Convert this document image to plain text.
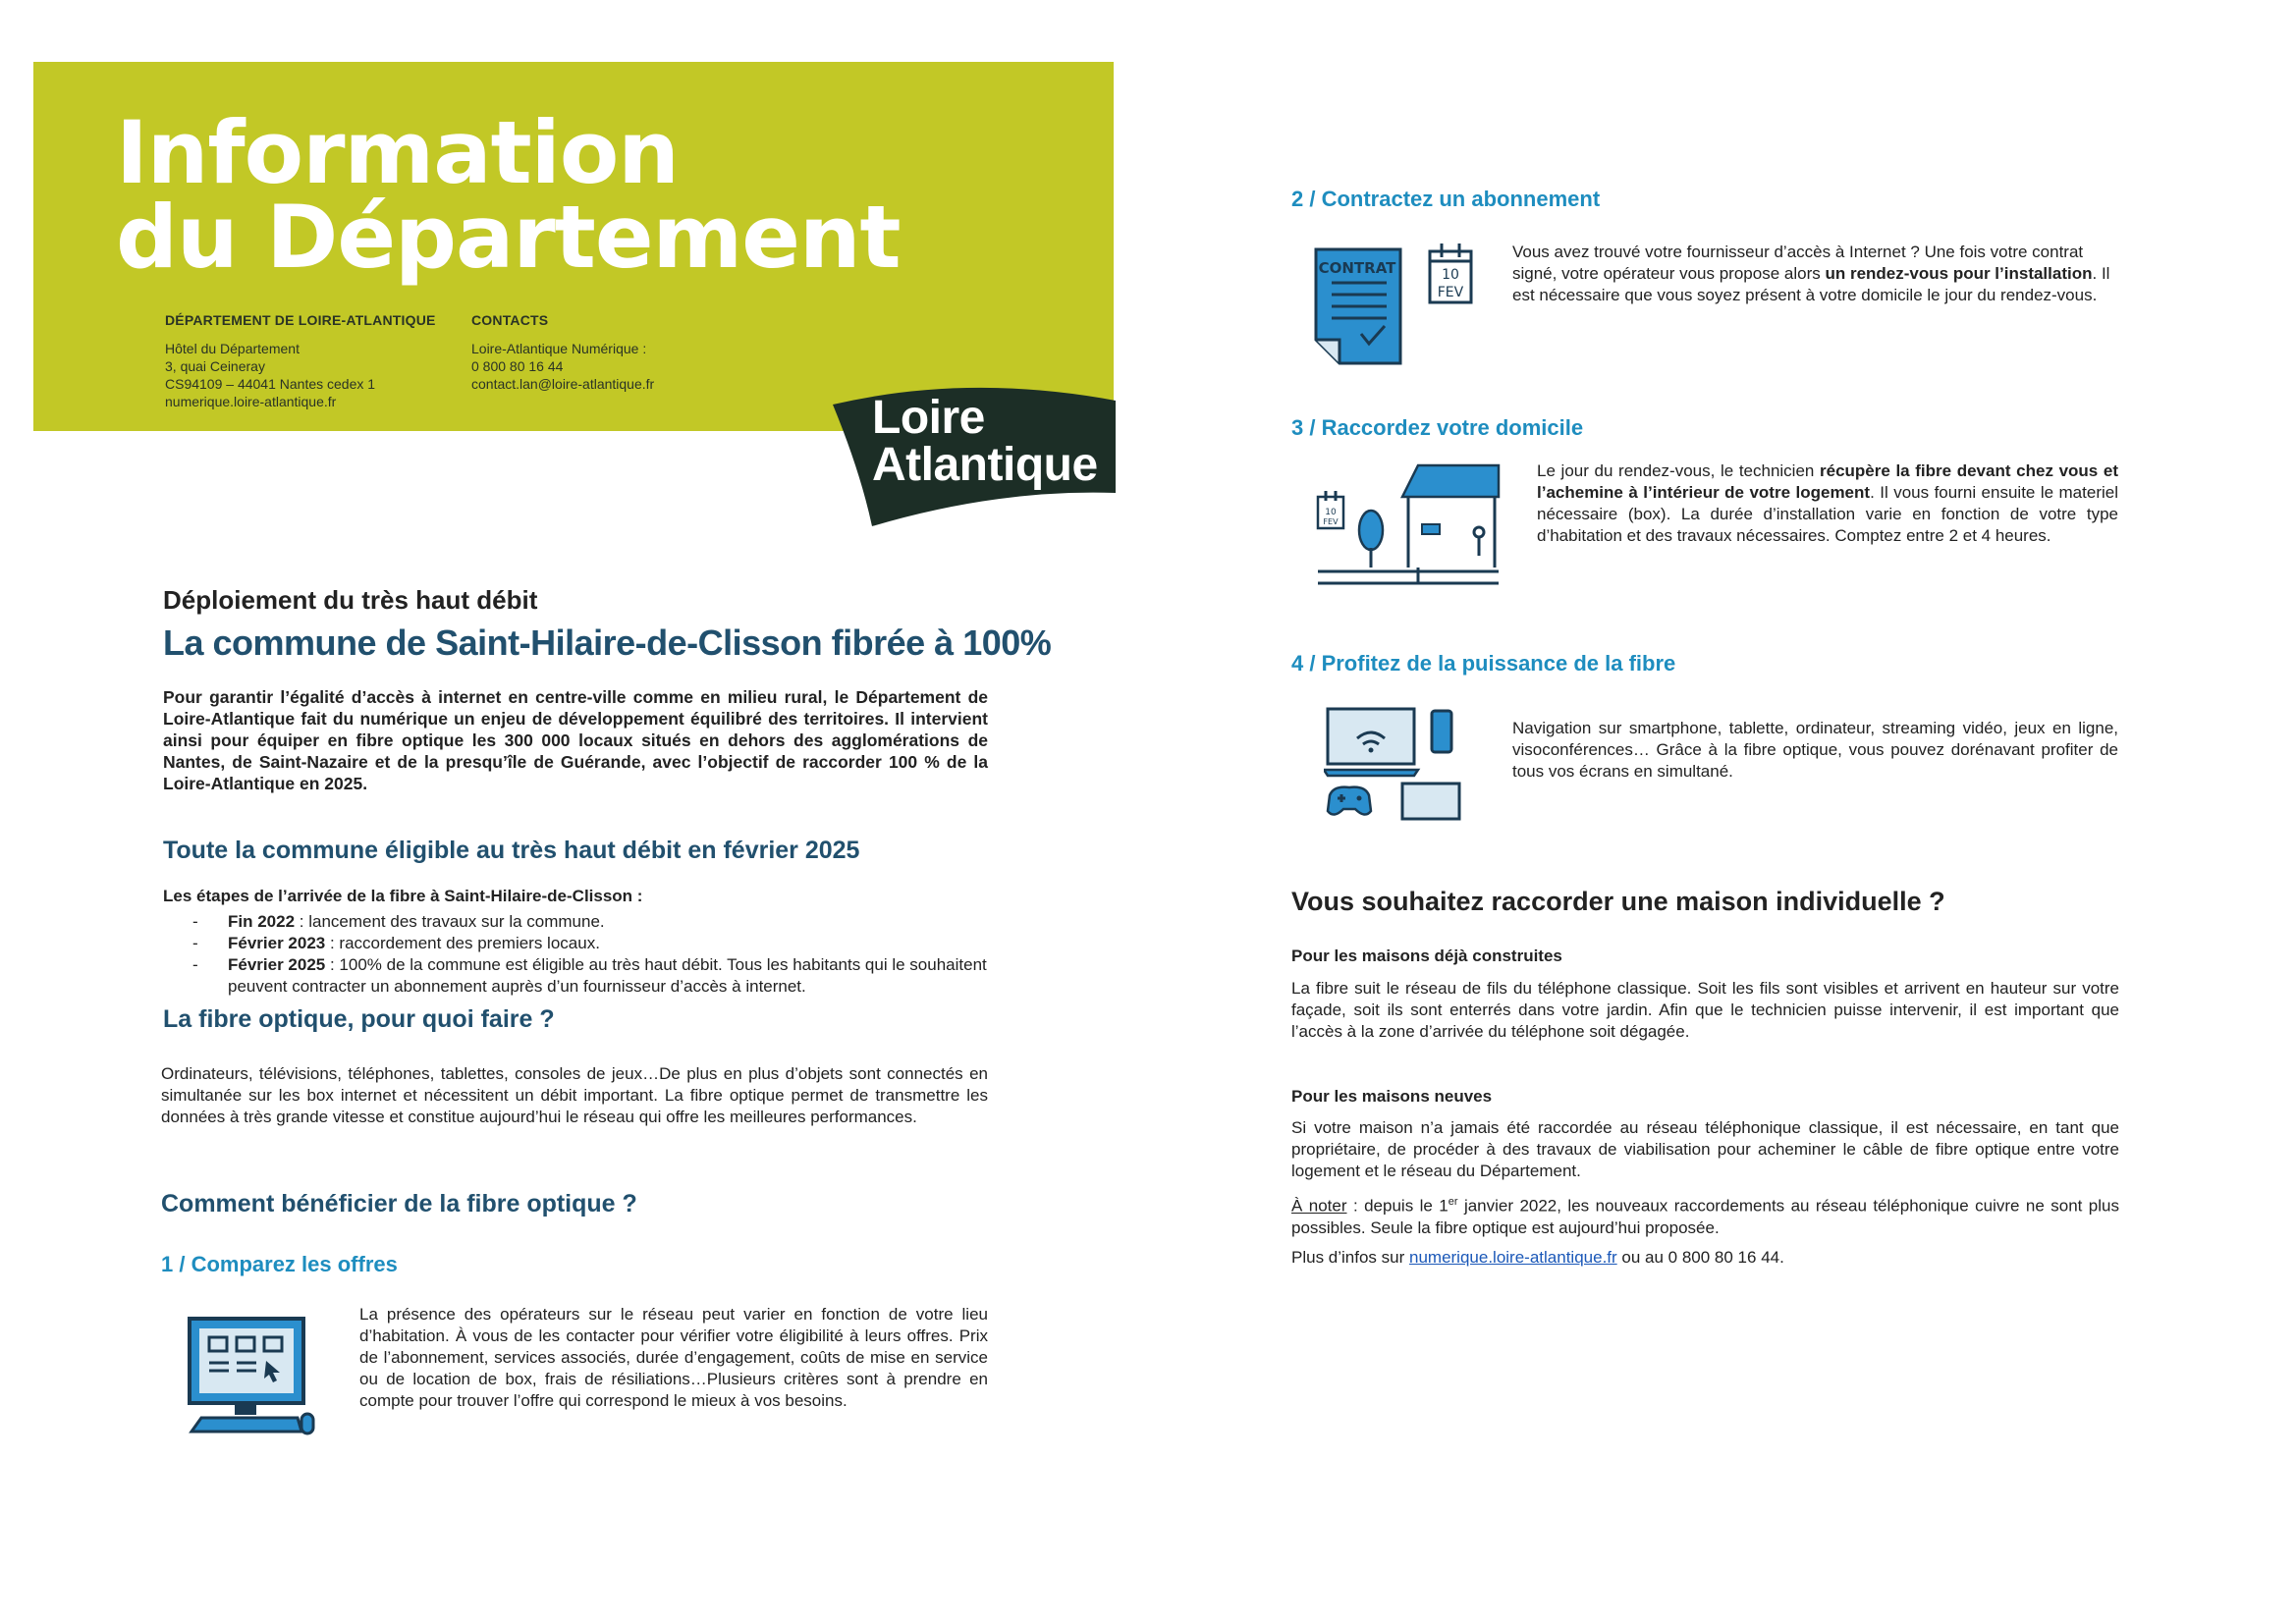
Information
du Département
DÉPARTEMENT DE LOIRE-ATLANTIQUE
Hôtel du Département
3, quai Ceineray
CS94109 – 44041 Nantes cedex 1
numerique.loire-atlantique.fr
CONTACTS
Loire-Atlantique Numérique :
0 800 80 16 44
contact.lan@loire-atlantique.fr
Loire
Atlantique
Déploiement du très haut débit
La commune de Saint-Hilaire-de-Clisson fibrée à 100%
Pour garantir l’égalité d’accès à internet en centre-ville comme en milieu rural, le Département de Loire-Atlantique fait du numérique un enjeu de développement équilibré des territoires. Il intervient ainsi pour équiper en fibre optique les 300 000 locaux situés en dehors des agglomérations de Nantes, de Saint-Nazaire et de la presqu’île de Guérande, avec l’objectif de raccorder 100 % de la Loire-Atlantique en 2025.
Toute la commune éligible au très haut débit en février 2025
Les étapes de l’arrivée de la fibre à Saint-Hilaire-de-Clisson :
- Fin 2022 : lancement des travaux sur la commune.
- Février 2023 : raccordement des premiers locaux.
- Février 2025 : 100% de la commune est éligible au très haut débit. Tous les habitants qui le souhaitent peuvent contracter un abonnement auprès d’un fournisseur d’accès à internet.
La fibre optique, pour quoi faire ?
Ordinateurs, télévisions, téléphones, tablettes, consoles de jeux…De plus en plus d’objets sont connectés en simultanée sur les box internet et nécessitent un débit important. La fibre optique permet de transmettre les données à très grande vitesse et constitue aujourd’hui le réseau qui offre les meilleures performances.
Comment bénéficier de la fibre optique ?
1 / Comparez les offres
La présence des opérateurs sur le réseau peut varier en fonction de votre lieu d’habitation. À vous de les contacter pour vérifier votre éligibilité à leurs offres. Prix de l’abonnement, services associés, durée d’engagement, coûts de mise en service ou de location de box, frais de résiliations…Plusieurs critères sont à prendre en compte pour trouver l’offre qui correspond le mieux à vos besoins.
2 / Contractez un abonnement
CONTRAT	10
FEV
Vous avez trouvé votre fournisseur d’accès à Internet ? Une fois votre contrat signé, votre opérateur vous propose alors un rendez-vous pour l’installation. Il est nécessaire que vous soyez présent à votre domicile le jour du rendez-vous.
3 / Raccordez votre domicile
10
FEV
Le jour du rendez-vous, le technicien récupère la fibre devant chez vous et l’achemine à l’intérieur de votre logement. Il vous fourni ensuite le materiel nécessaire (box). La durée d’installation varie en fonction de votre type d’habitation et des travaux nécessaires. Comptez entre 2 et 4 heures.
4 / Profitez de la puissance de la fibre
Navigation sur smartphone, tablette, ordinateur, streaming vidéo, jeux en ligne, visoconférences… Grâce à la fibre optique, vous pouvez dorénavant profiter de tous vos écrans en simultané.
Vous souhaitez raccorder une maison individuelle ?
Pour les maisons déjà construites
La fibre suit le réseau de fils du téléphone classique. Soit les fils sont visibles et arrivent en hauteur sur votre façade, soit ils sont enterrés dans votre jardin. Afin que le technicien puisse intervenir, il est important que l’accès à la zone d’arrivée du téléphone soit dégagée.
Pour les maisons neuves
Si votre maison n’a jamais été raccordée au réseau téléphonique classique, il est nécessaire, en tant que propriétaire, de procéder à des travaux de viabilisation pour acheminer le câble de fibre optique entre votre logement et le réseau du Département.
À noter : depuis le 1er janvier 2022, les nouveaux raccordements au réseau téléphonique cuivre ne sont plus possibles. Seule la fibre optique est aujourd’hui proposée.
Plus d’infos sur numerique.loire-atlantique.fr ou au 0 800 80 16 44.
